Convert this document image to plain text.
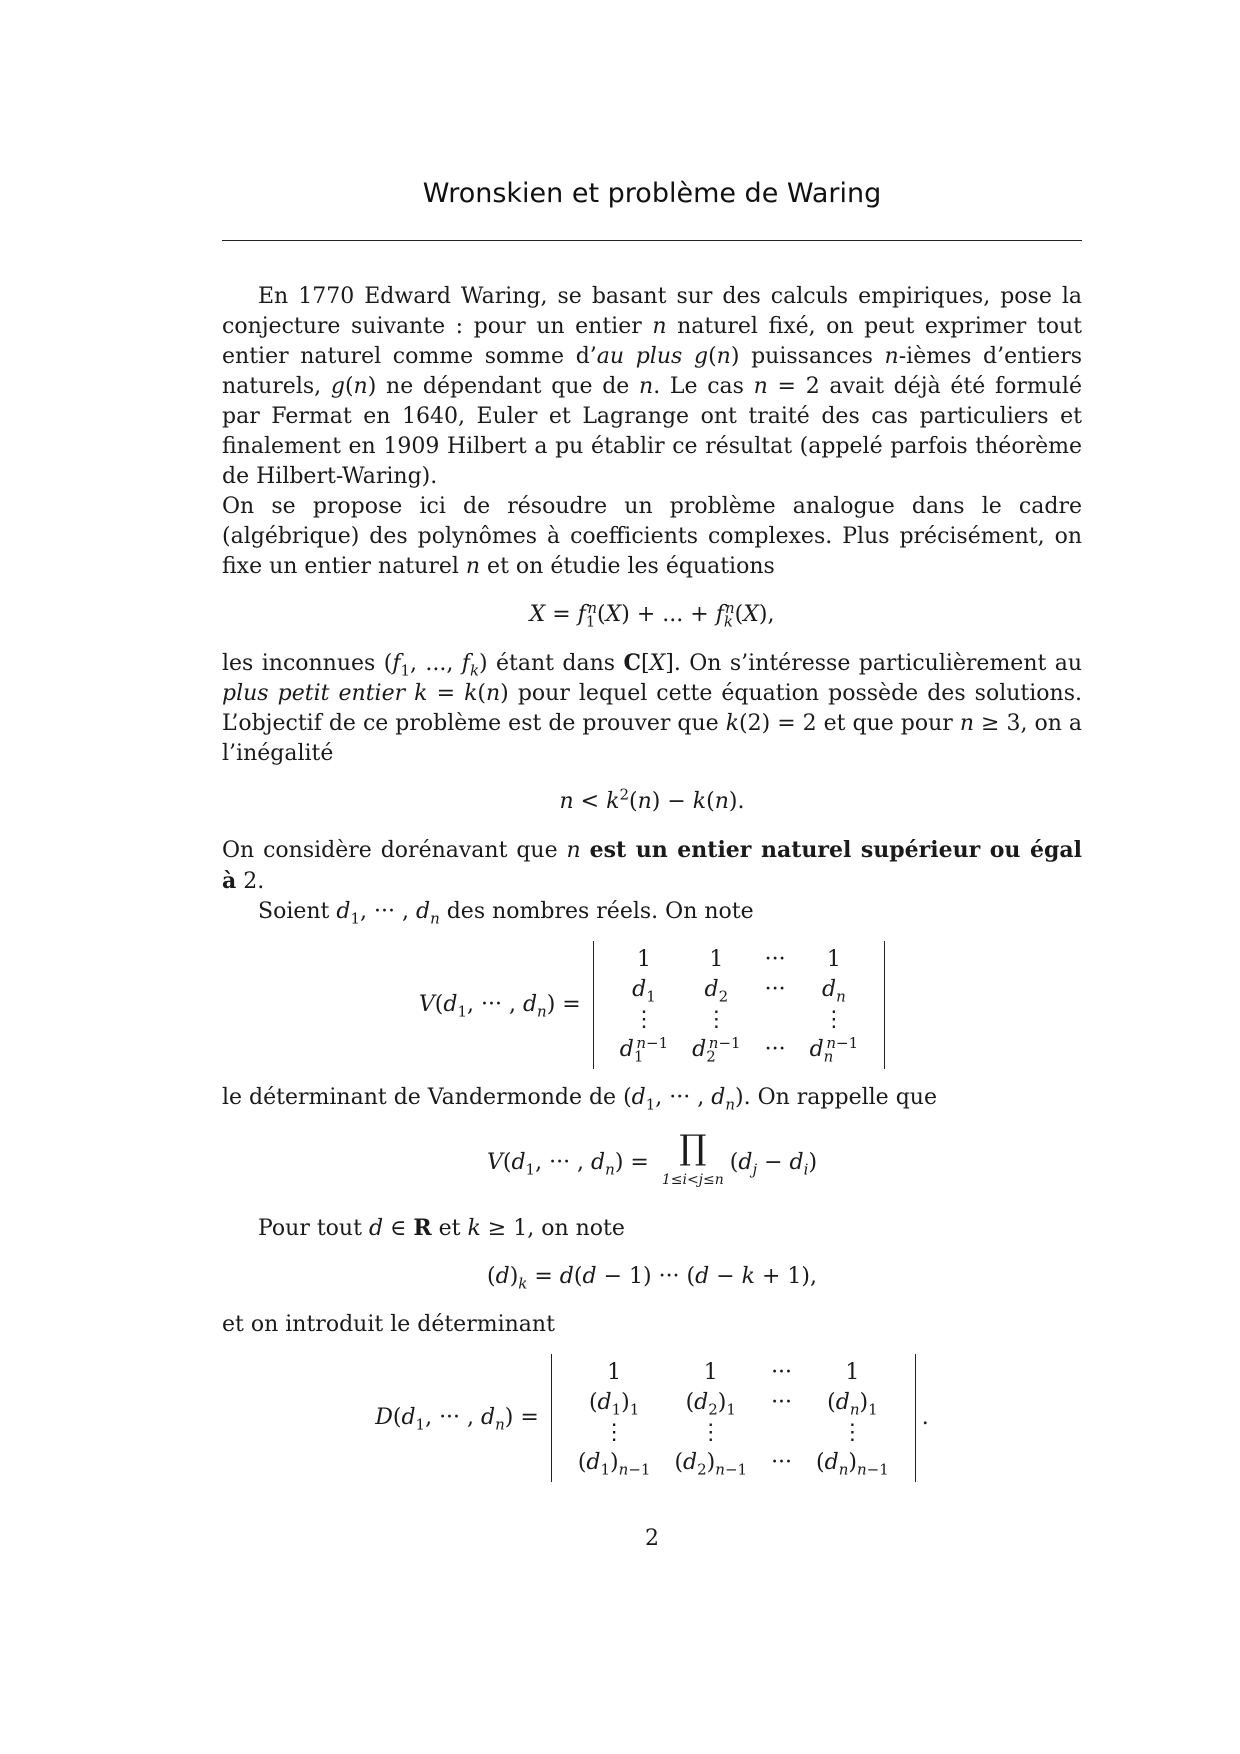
Wronskien et problème de Waring

En 1770 Edward Waring, se basant sur des calculs empiriques, pose la conjecture suivante : pour un entier n naturel fixé, on peut exprimer tout entier naturel comme somme d’au plus g(n) puissances n-ièmes d’entiers naturels, g(n) ne dépendant que de n. Le cas n = 2 avait déjà été formulé par Fermat en 1640, Euler et Lagrange ont traité des cas particuliers et finalement en 1909 Hilbert a pu établir ce résultat (appelé parfois théorème de Hilbert-Waring).

On se propose ici de résoudre un problème analogue dans le cadre (algébrique) des polynômes à coefficients complexes. Plus précisément, on fixe un entier naturel n et on étudie les équations

$X = f_1^n(X)$ + ... + $f_k^n(X)$,

les inconnues ($f_1$, ..., $f_k$) étant dans C[X]. On s’intéresse particulièrement au plus petit entier k = k(n) pour lequel cette équation possède des solutions. L’objectif de ce problème est de prouver que k(2) = 2 et que pour n ≥ 3, on a l’inégalité

$n < k^2(n) - k(n)$.

On considère dorénavant que n est un entier naturel supérieur ou égal à 2.

Soient $d_1$, ··· , $d_n$ des nombres réels. On note

$V(d_1$, ··· , $d_n$) =
1	1	···	1
$d_1$	$d_2$	···	$d_n$
⋮	⋮		⋮
$d_1^{n-1}$	$d_2^{n-1}$	···	$d_n^{n-1}$

le déterminant de Vandermonde de ($d_1$, ··· , $d_n$). On rappelle que

$V(d_1$, ··· , $d_n$) = ∏
1≤i<j≤n
$(d_j - d_i)$

Pour tout d ∈ R et k ≥ 1, on note

$(d)_k = d(d - 1)$ ··· (d − k + 1),

et on introduit le déterminant

$D(d_1$, ··· , $d_n$) =
1	1	···	1
$(d_1)_1$	$(d_2)_1$	···	$(d_n)_1$
⋮	⋮		⋮
$(d_1)_{n-1}$	$(d_2)_{n-1}$	···	$(d_n)_{n-1}$
.
2
